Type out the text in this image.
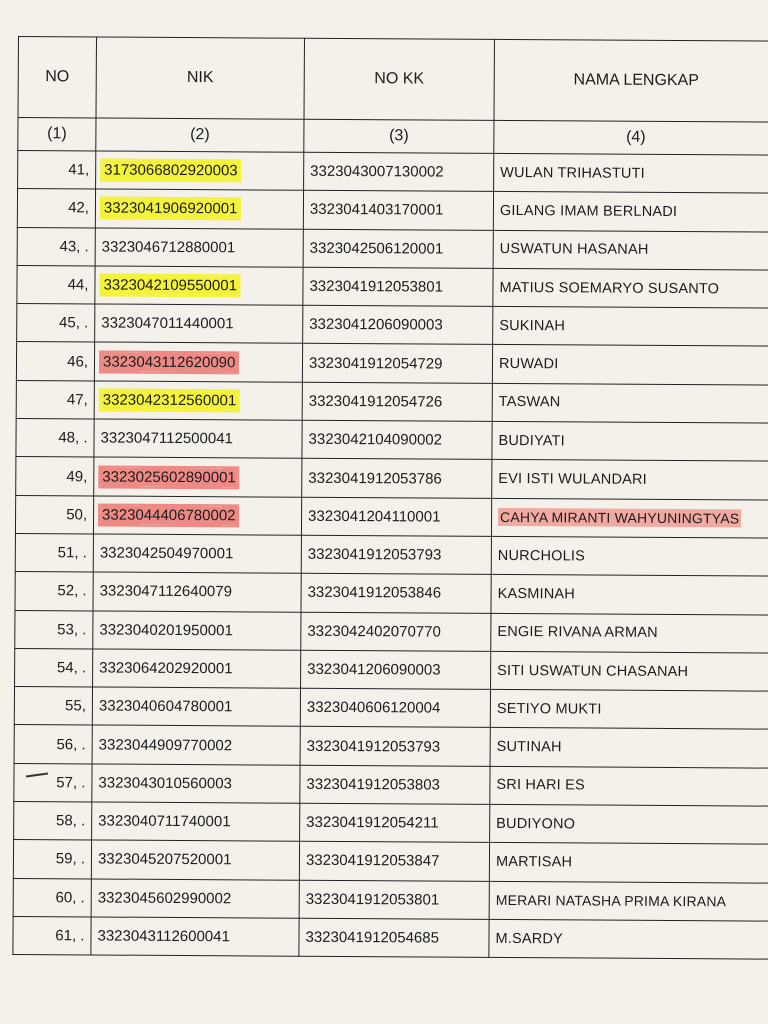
NO	NIK	NO KK	NAMA LENGKAP
(1)	(2)	(3)	(4)
41,	3173066802920003	3323043007130002	WULAN TRIHASTUTI
42,	3323041906920001	3323041403170001	GILANG IMAM BERLNADI
43, .	3323046712880001	3323042506120001	USWATUN HASANAH
44,	3323042109550001	3323041912053801	MATIUS SOEMARYO SUSANTO
45, .	3323047011440001	3323041206090003	SUKINAH
46,	3323043112620090	3323041912054729	RUWADI
47,	3323042312560001	3323041912054726	TASWAN
48, .	3323047112500041	3323042104090002	BUDIYATI
49,	3323025602890001	3323041912053786	EVI ISTI WULANDARI
50,	3323044406780002	3323041204110001	CAHYA MIRANTI WAHYUNINGTYAS
51, .	3323042504970001	3323041912053793	NURCHOLIS
52, .	3323047112640079	3323041912053846	KASMINAH
53, .	3323040201950001	3323042402070770	ENGIE RIVANA ARMAN
54, .	3323064202920001	3323041206090003	SITI USWATUN CHASANAH
55,	3323040604780001	3323040606120004	SETIYO MUKTI
56, .	3323044909770002	3323041912053793	SUTINAH
57, .	3323043010560003	3323041912053803	SRI HARI ES
58, .	3323040711740001	3323041912054211	BUDIYONO
59, .	3323045207520001	3323041912053847	MARTISAH
60, .	3323045602990002	3323041912053801	MERARI NATASHA PRIMA KIRANA
61, .	3323043112600041	3323041912054685	M.SARDY
